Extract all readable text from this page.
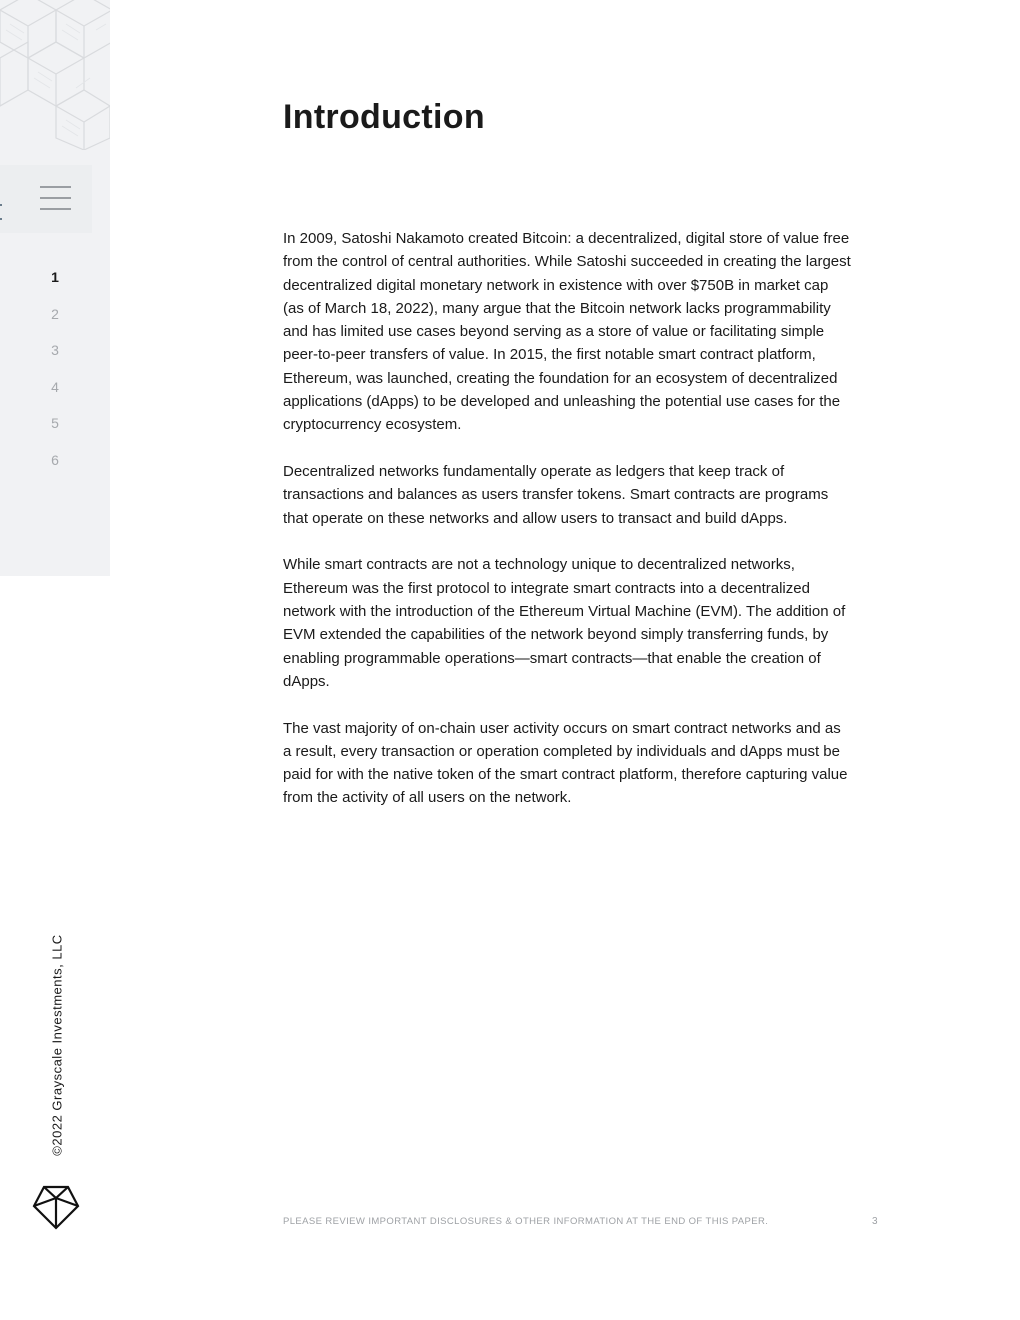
1
2
3
4
5
6
©2022 Grayscale Investments, LLC
Introduction

In 2009, Satoshi Nakamoto created Bitcoin: a decentralized, digital store of value free from the control of central authorities. While Satoshi succeeded in creating the largest decentralized digital monetary network in existence with over $750B in market cap (as of March 18, 2022), many argue that the Bitcoin network lacks programmability and has limited use cases beyond serving as a store of value or facilitating simple peer-to-peer transfers of value. In 2015, the first notable smart contract platform, Ethereum, was launched, creating the foundation for an ecosystem of decentralized applications (dApps) to be developed and unleashing the potential use cases for the cryptocurrency ecosystem.

Decentralized networks fundamentally operate as ledgers that keep track of transactions and balances as users transfer tokens. Smart contracts are programs that operate on these networks and allow users to transact and build dApps.

While smart contracts are not a technology unique to decentralized networks, Ethereum was the first protocol to integrate smart contracts into a decentralized network with the introduction of the Ethereum Virtual Machine (EVM). The addition of EVM extended the capabilities of the network beyond simply transferring funds, by enabling programmable operations—smart contracts—that enable the creation of dApps.

The vast majority of on-chain user activity occurs on smart contract networks and as a result, every transaction or operation completed by individuals and dApps must be paid for with the native token of the smart contract platform, therefore capturing value from the activity of all users on the network.

PLEASE REVIEW IMPORTANT DISCLOSURES & OTHER INFORMATION AT THE END OF THIS PAPER.	3
